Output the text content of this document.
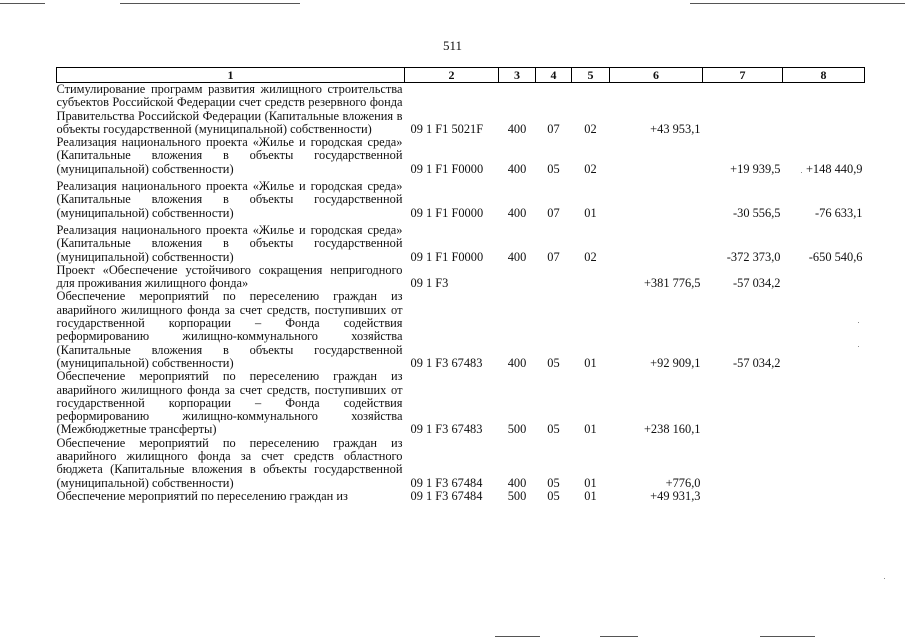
511
1	2	3	4	5	6	7	8
Стимулирование программ развития жилищного строительства субъектов Российской Федерации счет средств резервного фонда Правительства Российской Федерации (Капитальные вложения в объекты государственной (муниципальной) собственности)	09 1 F1 5021F	400	07	02	+43 953,1		
Реализация национального проекта «Жилье и городская среда» (Капитальные вложения в объекты государственной (муниципальной) собственности)	09 1 F1 F0000	400	05	02		+19 939,5	+148 440,9

Реализация национального проекта «Жилье и городская среда» (Капитальные вложения в объекты государственной (муниципальной) собственности)	09 1 F1 F0000	400	07	01		-30 556,5	-76 633,1

Реализация национального проекта «Жилье и городская среда» (Капитальные вложения в объекты государственной (муниципальной) собственности)	09 1 F1 F0000	400	07	02		-372 373,0	-650 540,6
Проект «Обеспечение устойчивого сокращения непригодного для проживания жилищного фонда»	09 1 F3				+381 776,5	-57 034,2	
Обеспечение мероприятий по переселению граждан из аварийного жилищного фонда за счет средств, поступивших от государственной корпорации – Фонда содействия реформированию жилищно-коммунального хозяйства (Капитальные вложения в объекты государственной (муниципальной) собственности)	09 1 F3 67483	400	05	01	+92 909,1	-57 034,2	
Обеспечение мероприятий по переселению граждан из аварийного жилищного фонда за счет средств, поступивших от государственной корпорации – Фонда содействия реформированию жилищно-коммунального хозяйства (Межбюджетные трансферты)	09 1 F3 67483	500	05	01	+238 160,1		
Обеспечение мероприятий по переселению граждан из аварийного жилищного фонда за счет средств областного бюджета (Капитальные вложения в объекты государственной (муниципальной) собственности)	09 1 F3 67484	400	05	01	+776,0		
Обеспечение мероприятий по переселению граждан из	09 1 F3 67484	500	05	01	+49 931,3		
